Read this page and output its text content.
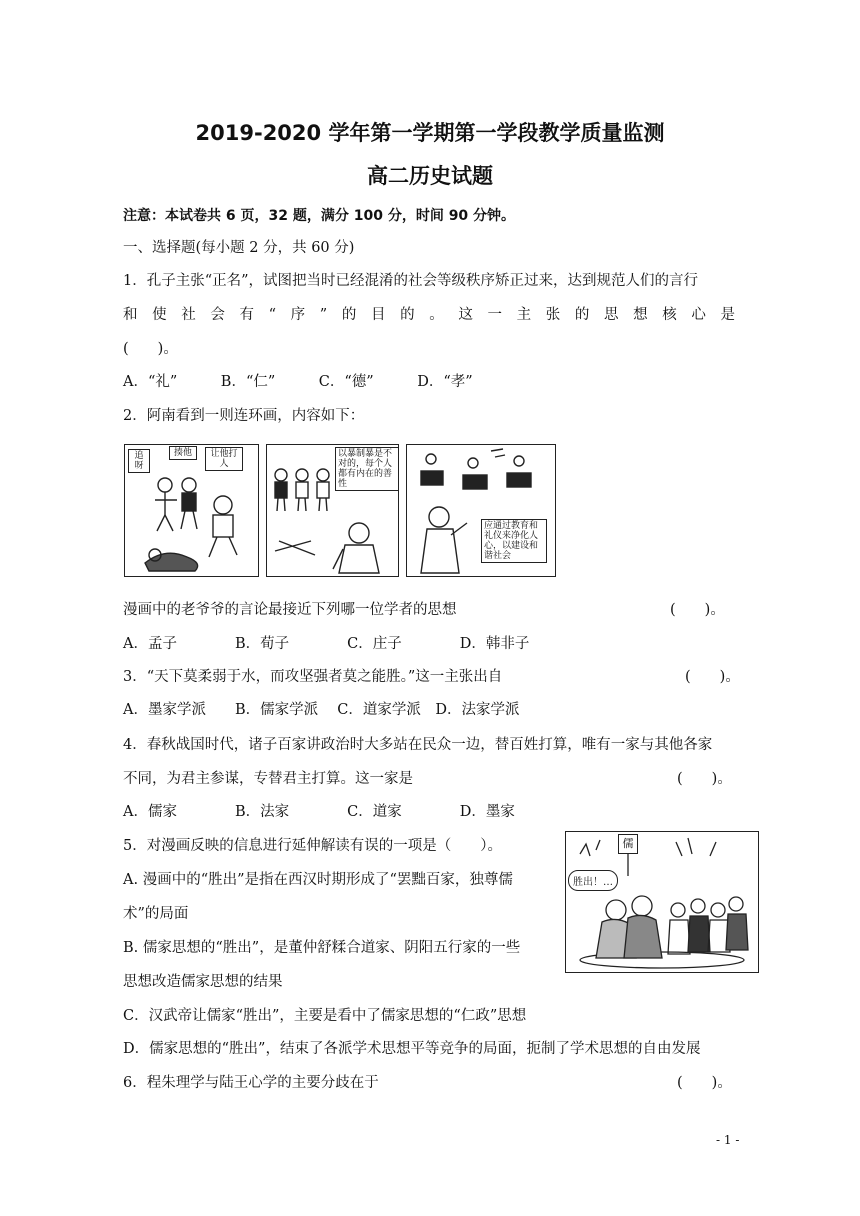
2019-2020 学年第一学期第一学段教学质量监测
高二历史试题
注意：本试卷共 6 页，32 题，满分 100 分，时间 90 分钟。
一、选择题(每小题 2 分，共 60 分)
1．孔子主张“正名”，试图把当时已经混淆的社会等级秩序矫正过来，达到规范人们的言行
和使社会有“序”的目的。这一主张的思想核心是
(　　)。
A．“礼”　　　B．“仁”　　　C．“德”　　　D．“孝”
2．阿南看到一则连环画，内容如下：
追呀
揍他	让他打人
以暴制暴是不对的，每个人都有内在的善性
应通过教育和礼仪来净化人心，以建设和谐社会
漫画中的老爷爷的言论最接近下列哪一位学者的思想	(　　)。
A．孟子　　　　B．荀子　　　　C．庄子　　　　D．韩非子
3．“天下莫柔弱于水，而攻坚强者莫之能胜。”这一主张出自	(　　)。
A．墨家学派　　B．儒家学派　 C．道家学派　D．法家学派
4．春秋战国时代，诸子百家讲政治时大多站在民众一边，替百姓打算，唯有一家与其他各家
不同，为君主参谋，专替君主打算。这一家是	(　　)。
A．儒家　　　　B．法家　　　　C．道家　　　　D．墨家
5．对漫画反映的信息进行延伸解读有误的一项是（　　）。
A. 漫画中的“胜出”是指在西汉时期形成了“罢黜百家，独尊儒
术”的局面
B. 儒家思想的“胜出”，是董仲舒糅合道家、阴阳五行家的一些
思想改造儒家思想的结果
C．汉武帝让儒家“胜出”，主要是看中了儒家思想的“仁政”思想
D．儒家思想的“胜出”，结束了各派学术思想平等竞争的局面，扼制了学术思想的自由发展
儒
胜出！…
6．程朱理学与陆王心学的主要分歧在于	(　　)。
- 1 -
